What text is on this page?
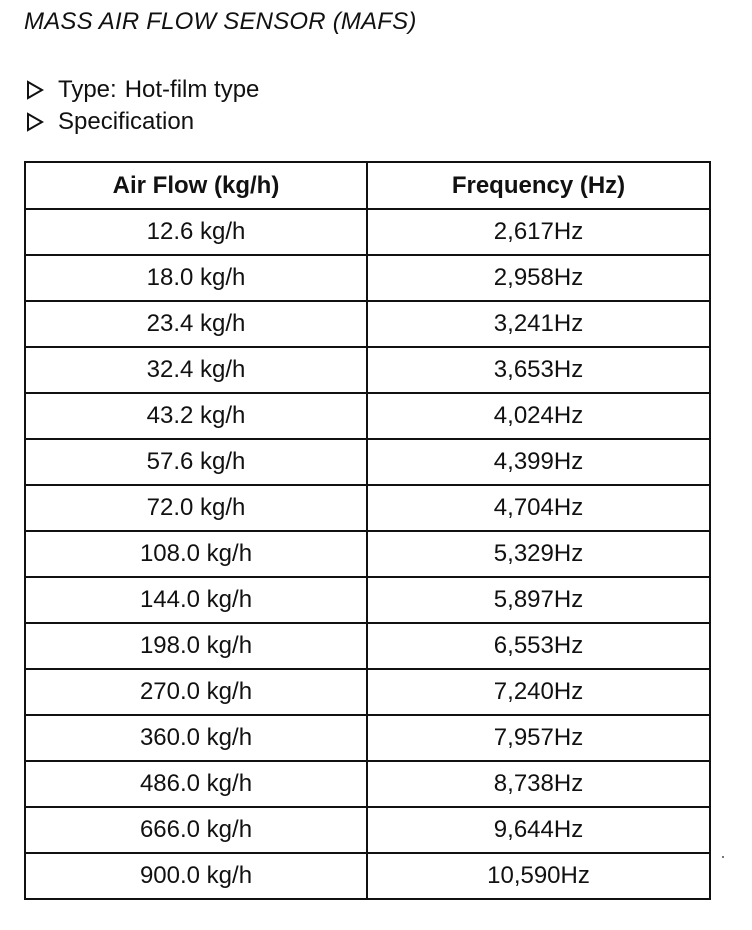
MASS AIR FLOW SENSOR (MAFS)
Type: Hot-film type
Specification
Air Flow (kg/h)	Frequency (Hz)
12.6 kg/h	2,617Hz
18.0 kg/h	2,958Hz
23.4 kg/h	3,241Hz
32.4 kg/h	3,653Hz
43.2 kg/h	4,024Hz
57.6 kg/h	4,399Hz
72.0 kg/h	4,704Hz
108.0 kg/h	5,329Hz
144.0 kg/h	5,897Hz
198.0 kg/h	6,553Hz
270.0 kg/h	7,240Hz
360.0 kg/h	7,957Hz
486.0 kg/h	8,738Hz
666.0 kg/h	9,644Hz
900.0 kg/h	10,590Hz
